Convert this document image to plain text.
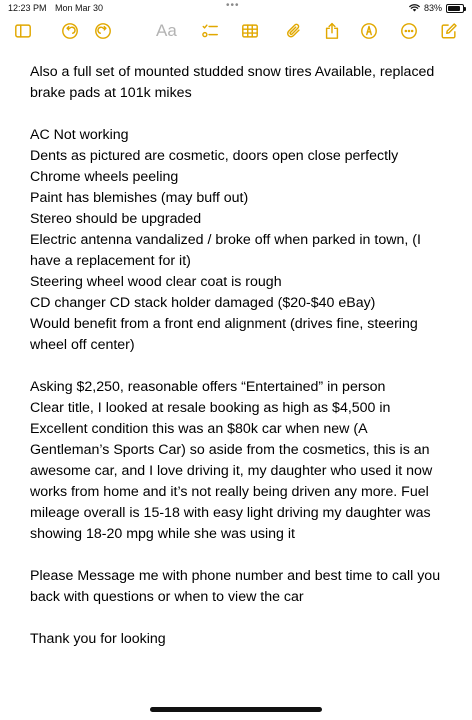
12:23 PM Mon Mar 30	•••	83%
Aa

Also a full set of mounted studded snow tires Available, replaced brake pads at 101k mikes

AC Not working

Dents as pictured are cosmetic, doors open close perfectly

Chrome wheels peeling

Paint has blemishes (may buff out)

Stereo should be upgraded

Electric antenna vandalized / broke off when parked in town, (I have a replacement for it)

Steering wheel wood clear coat is rough

CD changer CD stack holder damaged ($20-$40 eBay)

Would benefit from a front end alignment (drives fine, steering wheel off center)

Asking $2,250, reasonable offers “Entertained” in person

Clear title, I looked at resale booking as high as $4,500 in Excellent condition this was an $80k car when new (A Gentleman’s Sports Car) so aside from the cosmetics, this is an awesome car, and I love driving it, my daughter who used it now works from home and it’s not really being driven any more. Fuel mileage overall is 15-18 with easy light driving my daughter was showing 18-20 mpg while she was using it

Please Message me with phone number and best time to call you back with questions or when to view the car

Thank you for looking
